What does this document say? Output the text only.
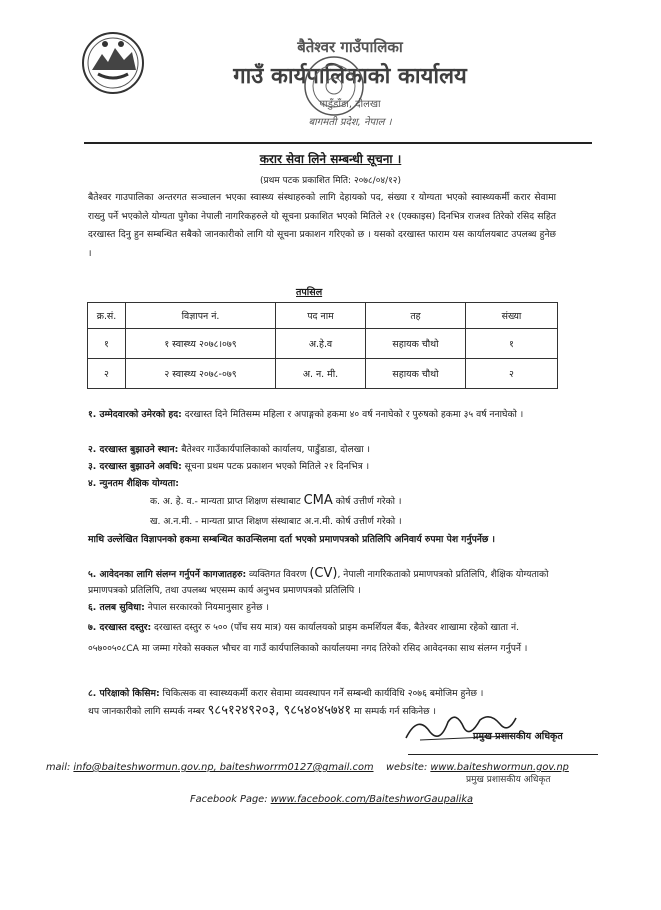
बैतेश्वर गाउँपालिका
गाउँ कार्यपालिकाको कार्यालय
पाडुँडाँडा, दोलखा
बागमती प्रदेश, नेपाल ।
करार सेवा लिने सम्बन्धी सूचना ।
(प्रथम पटक प्रकाशित मिति: २०७८/०४/१२)
बैतेश्वर गाउपालिका अन्तरगत सञ्चालन भएका स्वास्थ्य संस्थाहरुको लागि देहायको पद, संख्या र योग्यता भएको स्वास्थ्यकर्मी करार सेवामा राख्नु पर्ने भएकोले योग्यता पुगेका नेपाली नागरिकहरुले यो सूचना प्रकाशित भएको मितिले २१ (एक्काइस) दिनभित्र राजश्व तिरेको रसिद सहित दरखास्त दिनु हुन सम्बन्धित सबैको जानकारीको लागि यो सूचना प्रकाशन गरिएको छ । यसको दरखास्त फाराम यस कार्यालयबाट उपलब्ध हुनेछ ।
तपसिल
क्र.सं.	विज्ञापन नं.	पद नाम	तह	संख्या
१	१ स्वास्थ्य २०७८।०७९	अ.हे.व	सहायक चौथो	१
२	२ स्वास्थ्य २०७८-०७९	अ. न. मी.	सहायक चौथो	२
१. उम्मेदवारको उमेरको हद: दरखास्त दिने मितिसम्म महिला र अपाङ्गको हकमा ४० वर्ष ननाघेको र पुरुषको हकमा ३५ वर्ष ननाघेको ।
२. दरखास्त बुझाउने स्थान: बैतेश्वर गाउँकार्यपालिकाको कार्यालय, पाडुँडाडा, दोलखा ।
३. दरखास्त बुझाउने अवधि: सूचना प्रथम पटक प्रकाशन भएको मितिले २१ दिनभित्र ।
४. न्युनतम शैक्षिक योग्यता:
क. अ. हे. व.- मान्यता प्राप्त शिक्षण संस्थाबाट CMA कोर्ष उत्तीर्ण गरेको ।
ख. अ.न.मी. - मान्यता प्राप्त शिक्षण संस्थाबाट अ.न.मी. कोर्ष उत्तीर्ण गरेको ।
माथि उल्लेखित विज्ञापनको हकमा सम्बन्धित काउन्सिलमा दर्ता भएको प्रमाणपत्रको प्रतिलिपि अनिवार्य रुपमा पेश गर्नुपर्नेछ ।
५. आवेदनका लागि संलग्न गर्नुपर्ने कागजातहरु: व्यक्तिगत विवरण (CV), नेपाली नागरिकताको प्रमाणपत्रको प्रतिलिपि, शैक्षिक योग्यताको प्रमाणपत्रको प्रतिलिपि, तथा उपलब्ध भएसम्म कार्य अनुभव प्रमाणपत्रको प्रतिलिपि ।
६. तलब सुविधा: नेपाल सरकारको नियमानुसार हुनेछ ।
७. दरखास्त दस्तुर: दरखास्त दस्तुर रु ५०० (पाँच सय मात्र) यस कार्यालयको प्राइम कमर्शियल बैंक, बैतेश्वर शाखामा रहेको खाता नं. ०५७००५०८CA मा जम्मा गरेको सक्कल भौचर वा गाउँ कार्यपालिकाको कार्यालयमा नगद तिरेको रसिद आवेदनका साथ संलग्न गर्नुपर्ने ।
८. परिक्षाको किसिम: चिकित्सक वा स्वास्थ्यकर्मी करार सेवामा व्यवस्थापन गर्ने सम्बन्धी कार्यविधि २०७६ बमोजिम हुनेछ ।
थप जानकारीको लागि सम्पर्क नम्बर ९८५१२४९२०३, ९८५४०४५७४१ मा सम्पर्क गर्न सकिनेछ ।
प्रमुख प्रशासकीय अधिकृत
mail: info@baiteshwormun.gov.np, baiteshworrm0127@gmail.com website: www.baiteshwormun.gov.np
प्रमुख प्रशासकीय अधिकृत
Facebook Page: www.facebook.com/BaiteshworGaupalika
